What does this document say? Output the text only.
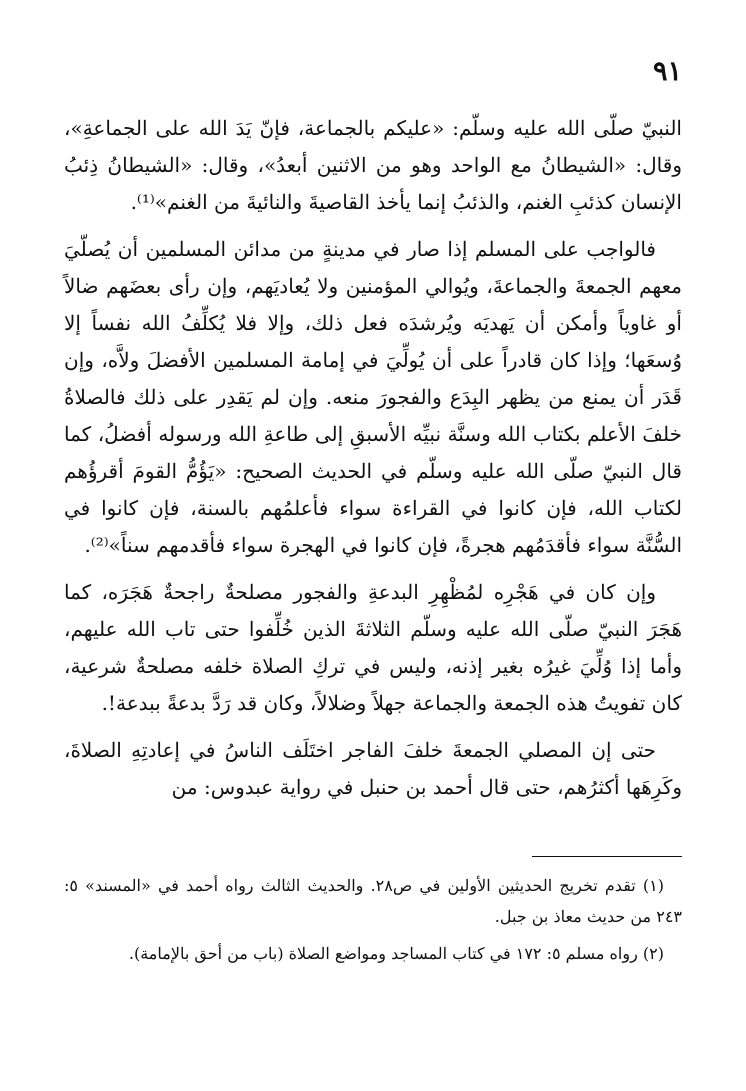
٩١

النبيّ صلّى الله عليه وسلّم: «عليكم بالجماعة، فإنّ يَدَ الله على الجماعةِ»، وقال: «الشيطانُ مع الواحد وهو من الاثنين أبعدُ»، وقال: «الشيطانُ ذِئبُ الإنسان كذئبِ الغنم، والذئبُ إنما يأخذ القاصيةَ والنائيةَ من الغنم»⁽¹⁾.

فالواجب على المسلم إذا صار في مدينةٍ من مدائن المسلمين أن يُصلّيَ معهم الجمعةَ والجماعةَ، ويُوالي المؤمنين ولا يُعاديَهم، وإن رأى بعضَهم ضالاً أو غاوياً وأمكن أن يَهديَه ويُرشدَه فعل ذلك، وإلا فلا يُكلِّفُ الله نفساً إلا وُسعَها؛ وإذا كان قادراً على أن يُولِّيَ في إمامة المسلمين الأفضلَ ولاَّه، وإن قَدَر أن يمنع من يظهر البِدَع والفجورَ منعه. وإن لم يَقدِر على ذلك فالصلاةُ خلفَ الأعلم بكتاب الله وسنَّة نبيِّه الأسبقِ إلى طاعةِ الله ورسوله أفضلُ، كما قال النبيّ صلّى الله عليه وسلّم في الحديث الصحيح: «يَؤُمُّ القومَ أقرؤُهم لكتاب الله، فإن كانوا في القراءة سواء فأعلمُهم بالسنة، فإن كانوا في السُّنَّة سواء فأقدَمُهم هجرةً، فإن كانوا في الهجرة سواء فأقدمهم سناً»⁽²⁾.

وإن كان في هَجْرِه لمُظْهِرِ البدعةِ والفجور مصلحةٌ راجحةٌ هَجَرَه، كما هَجَرَ النبيّ صلّى الله عليه وسلّم الثلاثةَ الذين خُلِّفوا حتى تاب الله عليهم، وأما إذا وُلِّيَ غيرُه بغير إذنه، وليس في تركِ الصلاة خلفه مصلحةٌ شرعية، كان تفويتُ هذه الجمعة والجماعة جهلاً وضلالاً، وكان قد رَدَّ بدعةً ببدعة!.

حتى إن المصلي الجمعةَ خلفَ الفاجر اختَلَف الناسُ في إعادتِهِ الصلاةَ، وكَرِهَها أكثرُهم، حتى قال أحمد بن حنبل في رواية عبدوس: من

(١) تقدم تخريج الحديثين الأولين في ص٢٨. والحديث الثالث رواه أحمد في «المسند» ٥: ٢٤٣ من حديث معاذ بن جبل.

(٢) رواه مسلم ٥: ١٧٢ في كتاب المساجد ومواضع الصلاة (باب من أحق بالإمامة).
